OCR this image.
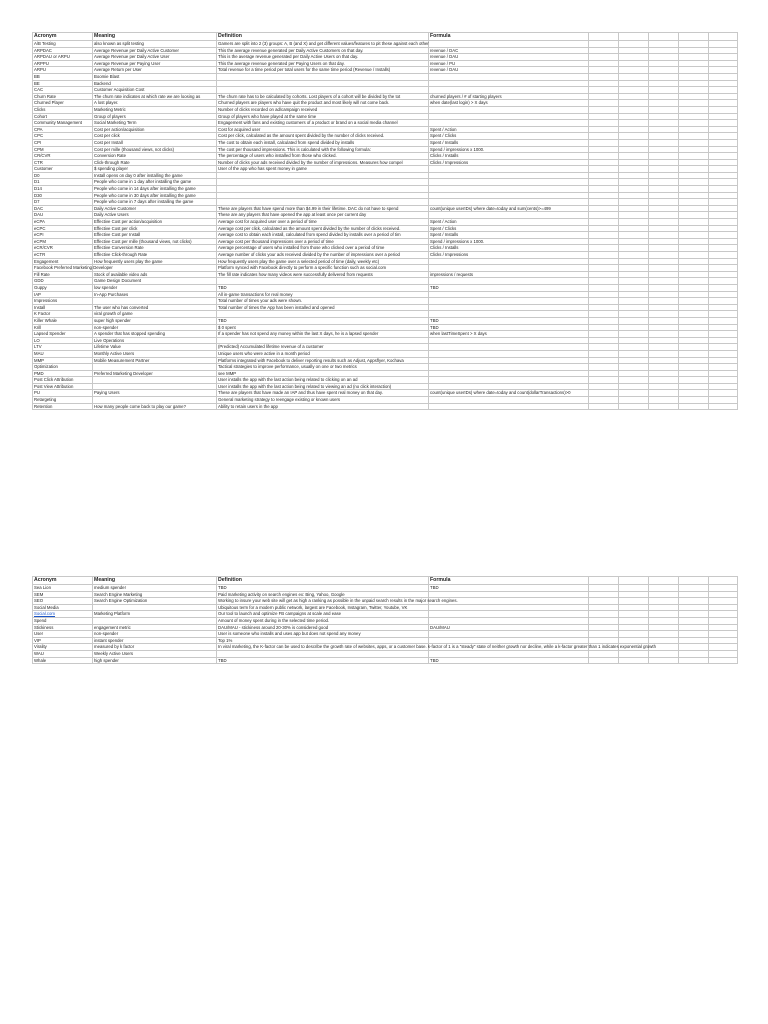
Acronym	Meaning	Definition	Formula					
A/B Testing	also known as split testing	Gamers are split into 2 (3) groups: A, B (and X) and get different values/features to pit these against each other						
ARPDAC	Average Revenue per Daily Active Customer	This the average revenue generated per Daily Active Customers on that day.	revenue / DAC					
ARPDAU or ARPU	Average Revenue per Daily Active User	This is the average revenue generated per Daily Active Users on that day.	revenue / DAU					
ARPPU	Average Revenue per Paying User	This the average revenue generated per Paying Users on that day.	revenue / PU					
ARPU	Average Return per User	Total revenue for a time period per total users for the same time period (Revenue / Installs)	revenue / DAU					
BB	Boomie Blast							
BE	Backend							
CAC	Customer Acquisition Cost							
Churn Rate	The churn rate indicates at which rate we are loosing as	The churn rate has to be calculated by cohorts. Lost players of a cohort will be divided by the tot	churned players / # of starting players					
Churned Player	A lost player.	Churned players are players who have quit the product and most likely will not come back.	when date(last login) > X days					
Clicks	Marketing Metric	Number of clicks recorded on ad/campaign received						
Cohort	Group of players	Group of players who have played at the same time						
Community Management	Social Marketing Term	Engagement with fans and existing customers of a product or brand on a social media channel						
CPA	Cost per action/acquisition	Cost for acquired user	Spent / Action					
CPC	Cost per click	Cost per click, calculated as the amount spent divided by the number of clicks received.	Spent / Clicks					
CPI	Cost per Install	The cost to obtain each install, calculated from spend divided by installs	Spent / Installs					
CPM	Cost per mille (thousand views, not clicks)	The cost per thousand impressions. This is calculated with the following formula:	Spend / impressions x 1000.					
CR/CVR	Conversion Rate	The percentage of users who installed from those who clicked.	Clicks / Installs					
CTR	Click-through Rate	Number of clicks your ads received divided by the number of impressions. Measures how compel	Clicks / Impressions					
Customer	$ spending player	User of the app who has spent money in game						
D0	Install opens on day 0 after installing the game							
D1	People who come in 1 day after installing the game							
D14	People who come in 14 days after installing the game							
D30	People who come in 30 days after installing the game							
D7	People who come in 7 days after installing the game							
DAC	Daily Active Customer	These are players that have spend more than $4.99 in their lifetime. DAC do not have to spend	count(unique userIDs) where date=today and sum(cents)>=499					
DAU	Daily Active Users	These are any players that have opened the app at least once per current day						
eCPA	Effective Cost per action/acquisition	Average cost for acquired user over a period of time	Spent / Action					
eCPC	Effective Cost per click	Average cost per click, calculated as the amount spent divided by the number of clicks received.	Spent / Clicks					
eCPI	Effective Cost per Install	Average cost to obtain each install, calculated from spend divided by installs over a period of tim	Spent / Installs					
eCPM	Effective Cost per mille (thousand views, not clicks)	Average cost per thousand impressions over a period of time	Spend / impressions x 1000.					
eCR/CVR	Effective Conversion Rate	Average percentage of users who installed from those who clicked over a period of time	Clicks / Installs					
eCTR	Effective Click-through Rate	Average number of clicks your ads received divided by the number of impressions over a period	Clicks / Impressions					
Engagement	How frequently users play the game	How frequently users play the game over a selected period of time (daily, weekly etc)						
Facebook Preferred Marketing Developer		Platform synced with Facebook directly to perform a specific function such as social.com						
Fill Rate	Stock of available video ads	The fill rate indicates how many videos were successfully delivered from requests	impressions / requests					
GDD	Game Design Document							
Guppy	low spender	TBD	TBD					
IAP	In-App Purchases	All in-game transactions for real money						
Impressions		Total number of times your ads were shown.						
Install	The user who has converted	Total number of times the App has been installed and opened						
K Factor	viral growth of game							
Killer Whale	super high spender	TBD	TBD					
Krill	non-spender	$ 0 spent	TBD					
Lapsed Spender	A spender that has stopped spending	If a spender has not spend any money within the last X days, he is a lapsed spender	when lastTimeSpent > X days					
LO	Live Operations							
LTV	Lifetime Value	(Predicted) Accumulated lifetime revenue of a customer						
MAU	Monthly Active Users	Unique users who were active in a month period						
MMP	Mobile Measurement Partner	Platforms integrated with Facebook to deliver reporting results such as Adjust, Appsflyer, Kochava						
Optimization		Tactical strategies to improve performance, usually on one or two metrics						
PMD	Preferred Marketing Developer	see MMP						
Post Click Attribution		User installs the app with the last action being related to clicking on an ad						
Post View Attribution		User installs the app with the last action being related to viewing an ad (no click interaction)						
PU	Paying Users	These are players that have made an IAP and thus have spent real money on that day.	count(unique userIDs) where date=today and count(dollarTransactions)>0					
Retargeting		General marketing strategy to reengage existing or known users						
Retention	How many people come back to play our game?	Ability to retain users in the app						
Acronym	Meaning	Definition	Formula					
Sea Lion	medium spender	TBD	TBD					
SEM	Search Engine Marketing	Paid marketing activity on search engines ex: Bing, Yahoo, Google						
SEO	Search Engine Optimization	Working to insure your web site will get as high a ranking as possible in the unpaid search results in the major search engines.						
Social Media		Ubiquitous term for a modern public network, largest are Facebook, Instagram, Twitter, Youtube, VK						
Social.com	Marketing Platform	Our tool to launch and optimize FB campaigns at scale and ease						
Spend		Amount of money spent during in the selected time period.						
Stickiness	engagement metric	DAU/MAU - stickiness around 20-30% is considered good	DAU/MAU					
User	non-spender	User is someone who installs and uses app but does not spend any money						
VIP	instant spender	Top 1%						
Virality	measured by k factor	In viral marketing, the K-factor can be used to describe the growth rate of websites, apps, or a customer base. k-factor of 1 is a "steady" state of neither growth nor decline, while a k-factor greater than 1 indicates exponential growth						
WAU	Weekly Active Users							
Whale	high spender	TBD	TBD					
